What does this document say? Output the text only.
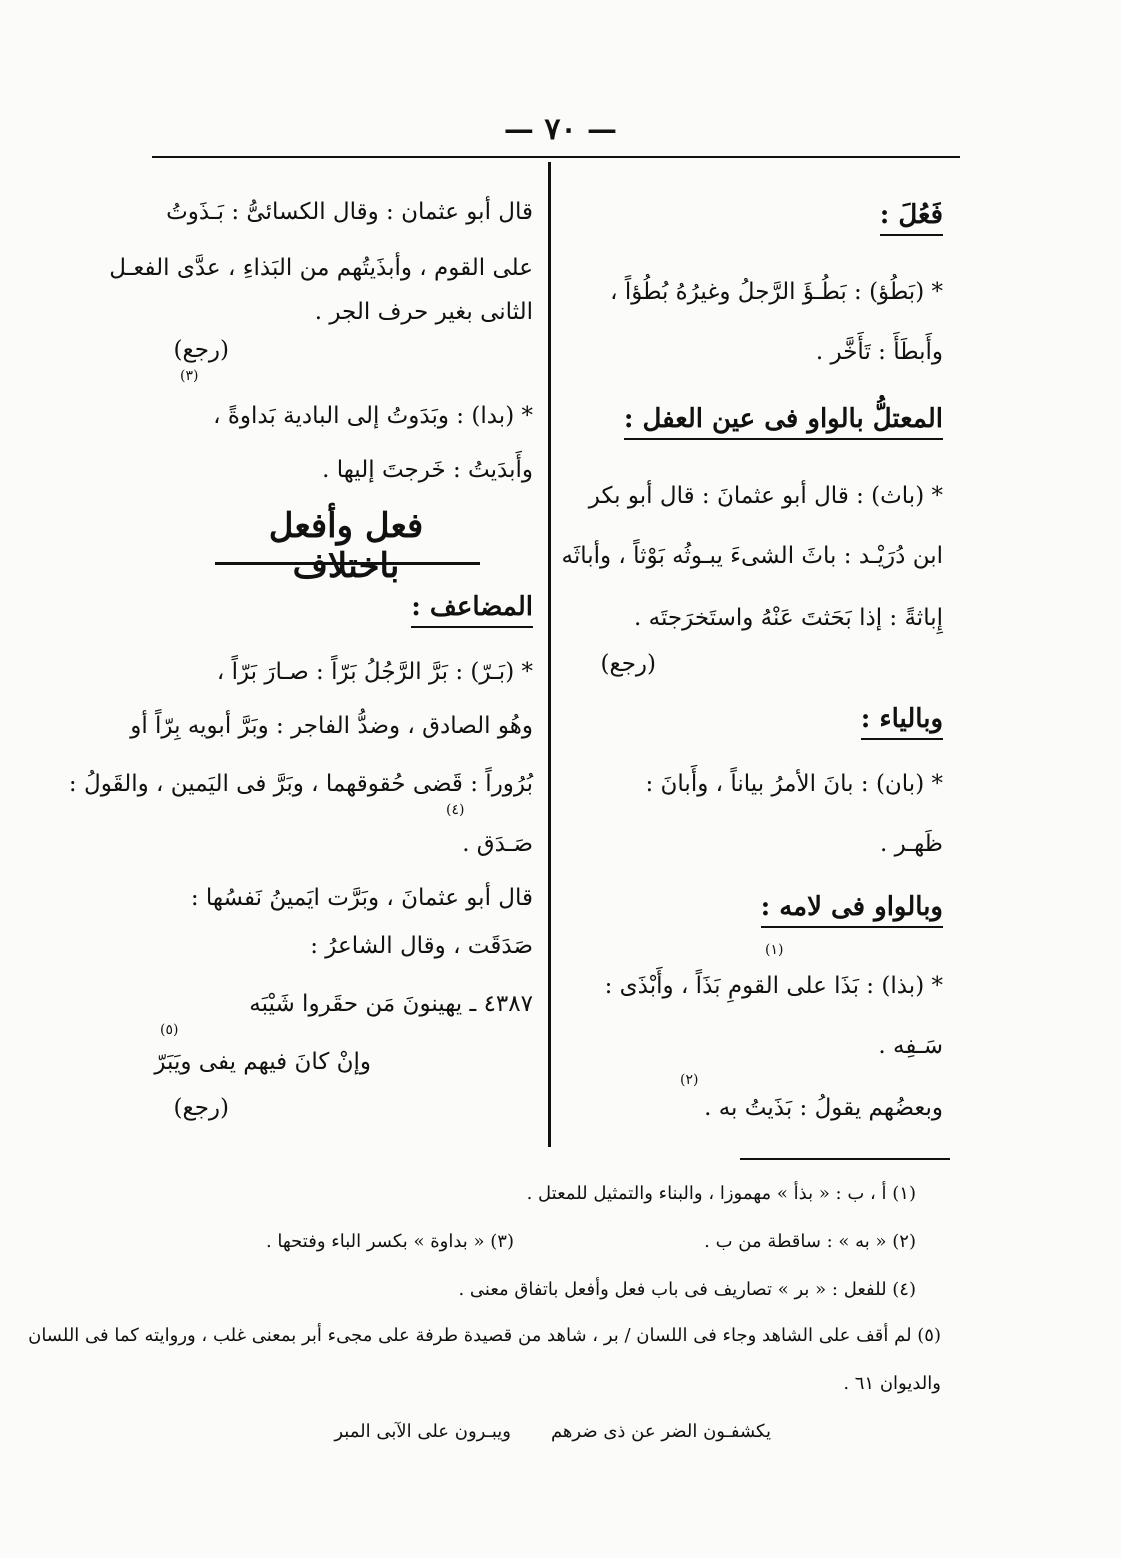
— ٧٠ —
فَعُلَ :
* (بَطُؤ) : بَطُـؤَ الرَّجلُ وغيرُهُ بُطُؤاً ،
وأَبطَأَ : تَأَخَّر .
المعتلُّ بالواو فى عين العفل :
* (باث) : قال أبو عثمانَ : قال أبو بكر
ابن دُرَيْـد : باثَ الشىءَ يبـوثُه بَوْثاً ، وأباثَه
إِباثةً : إذا بَحَثتَ عَنْهُ واستَخرَجتَه .
(رجع)
وبالياء :
* (بان) : بانَ الأمرُ بياناً ، وأَبانَ :
ظَهـر .
وبالواو فى لامه :
(١)
* (بذا) : بَذَا على القومِ بَذَاً ، وأَبْذَى :
سَـفِه .
(٢)
وبعضُهم يقولُ : بَذَيتُ به .
قال أبو عثمان : وقال الكسائىُّ : بَـذَوتُ
على القوم ، وأبذَيتُهم من البَذاءِ ، عدَّى الفعـل
الثانى بغير حرف الجر .
(رجع)
(٣)
* (بدا) : وبَدَوتُ إلى البادية بَداوةً ،
وأَبدَيتُ : خَرجتَ إليها .
فعل وأفعل باختلاف
المضاعف :
* (بَـرّ) : بَرَّ الرَّجُلُ بَرّاً : صـارَ بَرّاً ،
وهُو الصادق ، وضدُّ الفاجر : وبَرَّ أبويه بِرّاً أو
بُرُوراً : قَضى حُقوقهما ، وبَرَّ فى اليَمين ، والقَولُ :
(٤)
صَـدَق .
قال أبو عثمانَ ، وبَرَّت ايَمينُ نَفسُها :
صَدَقَت ، وقال الشاعرُ :
٤٣٨٧ ـ يهينونَ مَن حقَروا شَيْبَه
(٥)
وإنْ كانَ فيهم يفى ويَبَرّ
(رجع)
(١) أ ، ب : « بذأ » مهموزا ، والبناء والتمثيل للمعتل .
(٢) « به » : ساقطة من ب .
(٣) « بداوة » بكسر الباء وفتحها .
(٤) للفعل : « بر » تصاريف فى باب فعل وأفعل باتفاق معنى .
(٥) لم أقف على الشاهد وجاء فى اللسان / بر ، شاهد من قصيدة طرفة على مجىء أبر بمعنى غلب ، وروايته كما فى اللسان
والديوان ٦١ .
يكشفـون الضر عن ذى ضرهم
ويبـرون على الآبى المبر
